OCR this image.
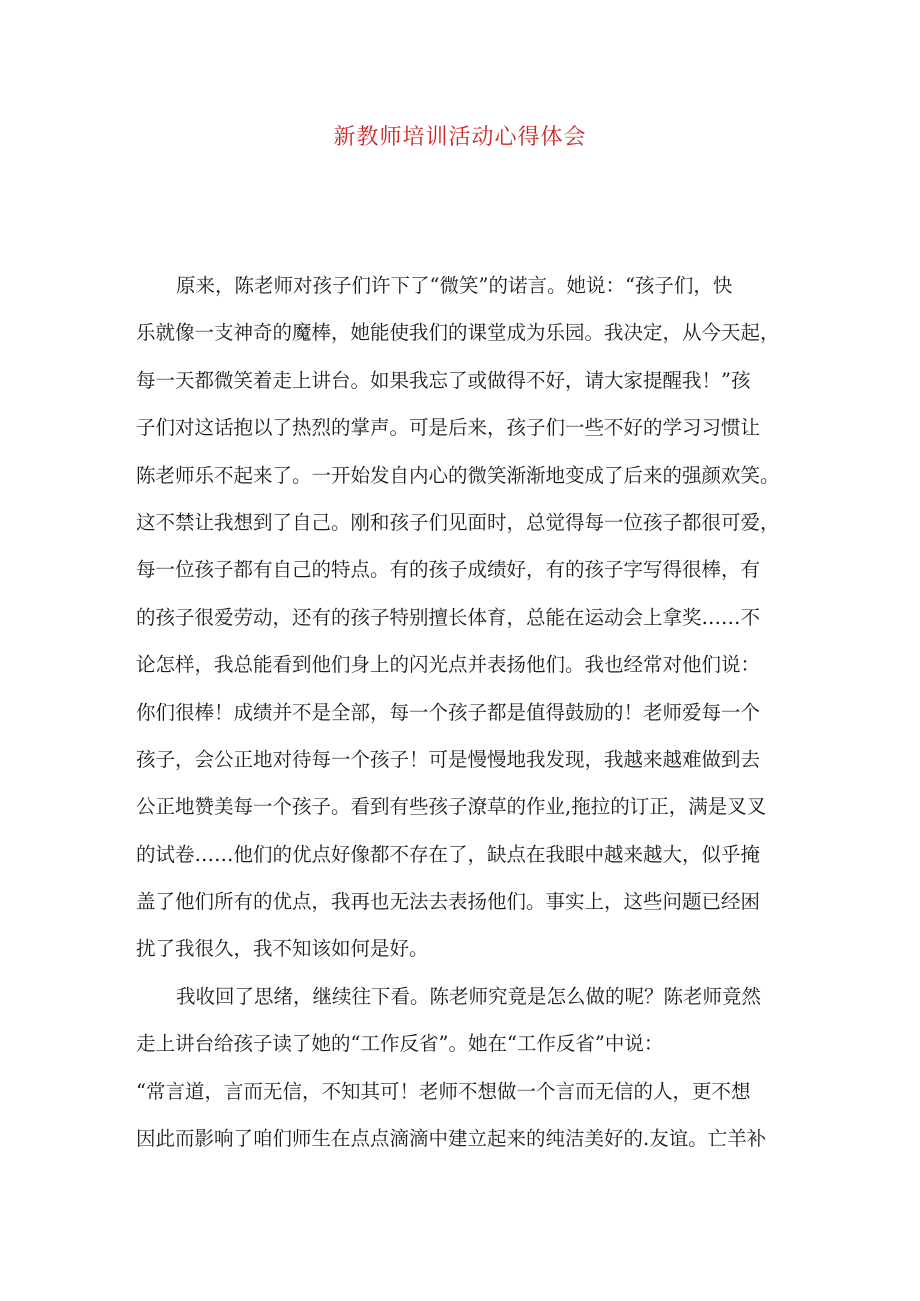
新教师培训活动心得体会
原来，陈老师对孩子们许下了“微笑”的诺言。她说：“孩子们，快
乐就像一支神奇的魔棒，她能使我们的课堂成为乐园。我决定，从今天起，
每一天都微笑着走上讲台。如果我忘了或做得不好，请大家提醒我！”孩
子们对这话抱以了热烈的掌声。可是后来，孩子们一些不好的学习习惯让
陈老师乐不起来了。一开始发自内心的微笑渐渐地变成了后来的强颜欢笑。
这不禁让我想到了自己。刚和孩子们见面时，总觉得每一位孩子都很可爱，
每一位孩子都有自己的特点。有的孩子成绩好，有的孩子字写得很棒，有
的孩子很爱劳动，还有的孩子特别擅长体育，总能在运动会上拿奖……不
论怎样，我总能看到他们身上的闪光点并表扬他们。我也经常对他们说：
你们很棒！成绩并不是全部，每一个孩子都是值得鼓励的！老师爱每一个
孩子，会公正地对待每一个孩子！可是慢慢地我发现，我越来越难做到去
公正地赞美每一个孩子。看到有些孩子潦草的作业,拖拉的订正，满是叉叉
的试卷……他们的优点好像都不存在了，缺点在我眼中越来越大，似乎掩
盖了他们所有的优点，我再也无法去表扬他们。事实上，这些问题已经困
扰了我很久，我不知该如何是好。
我收回了思绪，继续往下看。陈老师究竟是怎么做的呢？陈老师竟然
走上讲台给孩子读了她的“工作反省”。她在“工作反省”中说：
“常言道，言而无信，不知其可！老师不想做一个言而无信的人，更不想
因此而影响了咱们师生在点点滴滴中建立起来的纯洁美好的.友谊。亡羊补
